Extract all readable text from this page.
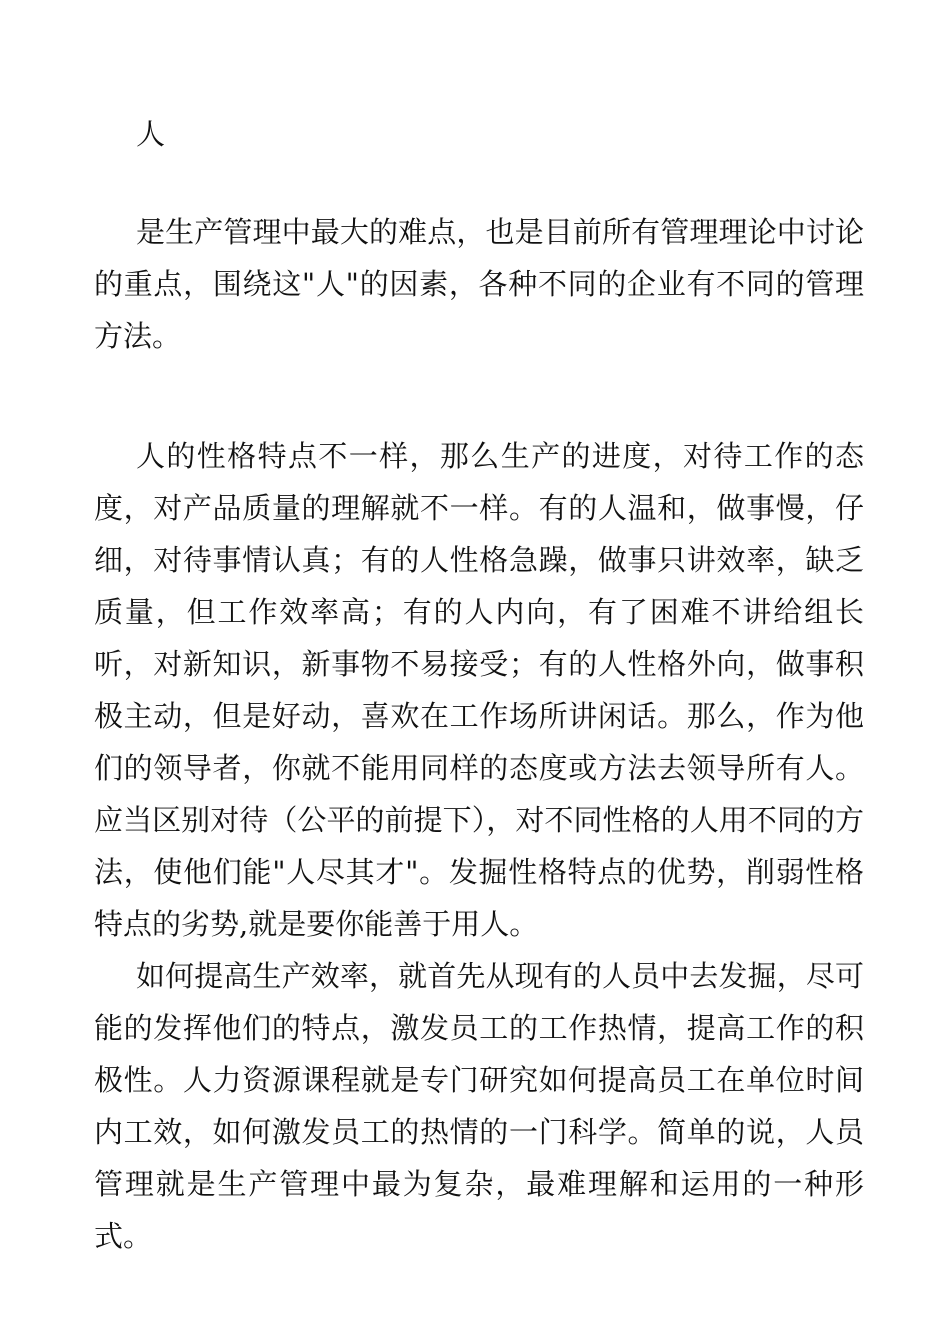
人

是生产管理中最大的难点，也是目前所有管理理论中讨论的重点，围绕这"人"的因素，各种不同的企业有不同的管理方法。

人的性格特点不一样，那么生产的进度，对待工作的态度，对产品质量的理解就不一样。有的人温和，做事慢，仔细，对待事情认真；有的人性格急躁，做事只讲效率，缺乏质量，但工作效率高；有的人内向，有了困难不讲给组长听，对新知识，新事物不易接受；有的人性格外向，做事积极主动，但是好动，喜欢在工作场所讲闲话。那么，作为他们的领导者，你就不能用同样的态度或方法去领导所有人。应当区别对待（公平的前提下），对不同性格的人用不同的方法，使他们能"人尽其才"。发掘性格特点的优势，削弱性格特点的劣势,就是要你能善于用人。

如何提高生产效率，就首先从现有的人员中去发掘，尽可能的发挥他们的特点，激发员工的工作热情，提高工作的积极性。人力资源课程就是专门研究如何提高员工在单位时间内工效，如何激发员工的热情的一门科学。简单的说，人员管理就是生产管理中最为复杂，最难理解和运用的一种形式。
